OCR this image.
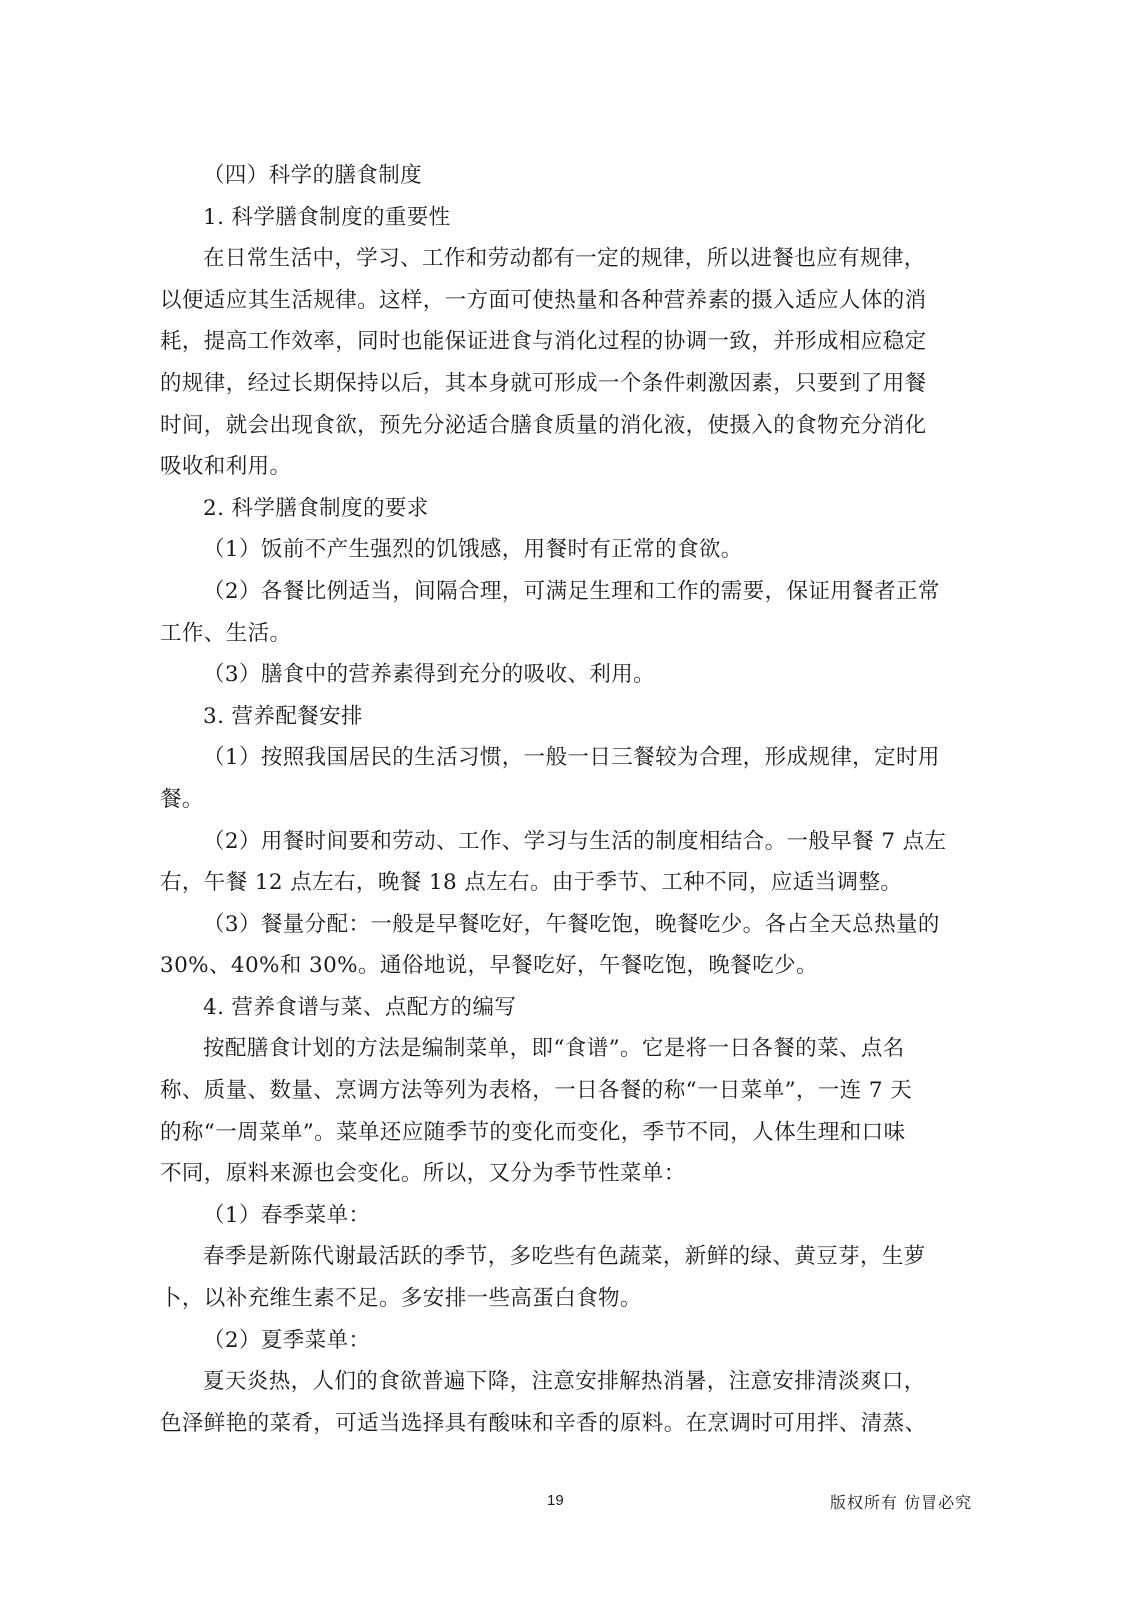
（四）科学的膳食制度
1. 科学膳食制度的重要性
在日常生活中，学习、工作和劳动都有一定的规律，所以进餐也应有规律，
以便适应其生活规律。这样，一方面可使热量和各种营养素的摄入适应人体的消
耗，提高工作效率，同时也能保证进食与消化过程的协调一致，并形成相应稳定
的规律，经过长期保持以后，其本身就可形成一个条件刺激因素，只要到了用餐
时间，就会出现食欲，预先分泌适合膳食质量的消化液，使摄入的食物充分消化
吸收和利用。
2. 科学膳食制度的要求
（1）饭前不产生强烈的饥饿感，用餐时有正常的食欲。
（2）各餐比例适当，间隔合理，可满足生理和工作的需要，保证用餐者正常
工作、生活。
（3）膳食中的营养素得到充分的吸收、利用。
3. 营养配餐安排
（1）按照我国居民的生活习惯，一般一日三餐较为合理，形成规律，定时用
餐。
（2）用餐时间要和劳动、工作、学习与生活的制度相结合。一般早餐 7 点左
右，午餐 12 点左右，晚餐 18 点左右。由于季节、工种不同，应适当调整。
（3）餐量分配：一般是早餐吃好，午餐吃饱，晚餐吃少。各占全天总热量的
30%、40%和 30%。通俗地说，早餐吃好，午餐吃饱，晚餐吃少。
4. 营养食谱与菜、点配方的编写
按配膳食计划的方法是编制菜单，即“食谱”。它是将一日各餐的菜、点名
称、质量、数量、烹调方法等列为表格，一日各餐的称“一日菜单”，一连 7 天
的称“一周菜单”。菜单还应随季节的变化而变化，季节不同，人体生理和口味
不同，原料来源也会变化。所以，又分为季节性菜单：
（1）春季菜单：
春季是新陈代谢最活跃的季节，多吃些有色蔬菜，新鲜的绿、黄豆芽，生萝
卜，以补充维生素不足。多安排一些高蛋白食物。
（2）夏季菜单：
夏天炎热，人们的食欲普遍下降，注意安排解热消暑，注意安排清淡爽口，
色泽鲜艳的菜肴，可适当选择具有酸味和辛香的原料。在烹调时可用拌、清蒸、
19	版权所有 仿冒必究
